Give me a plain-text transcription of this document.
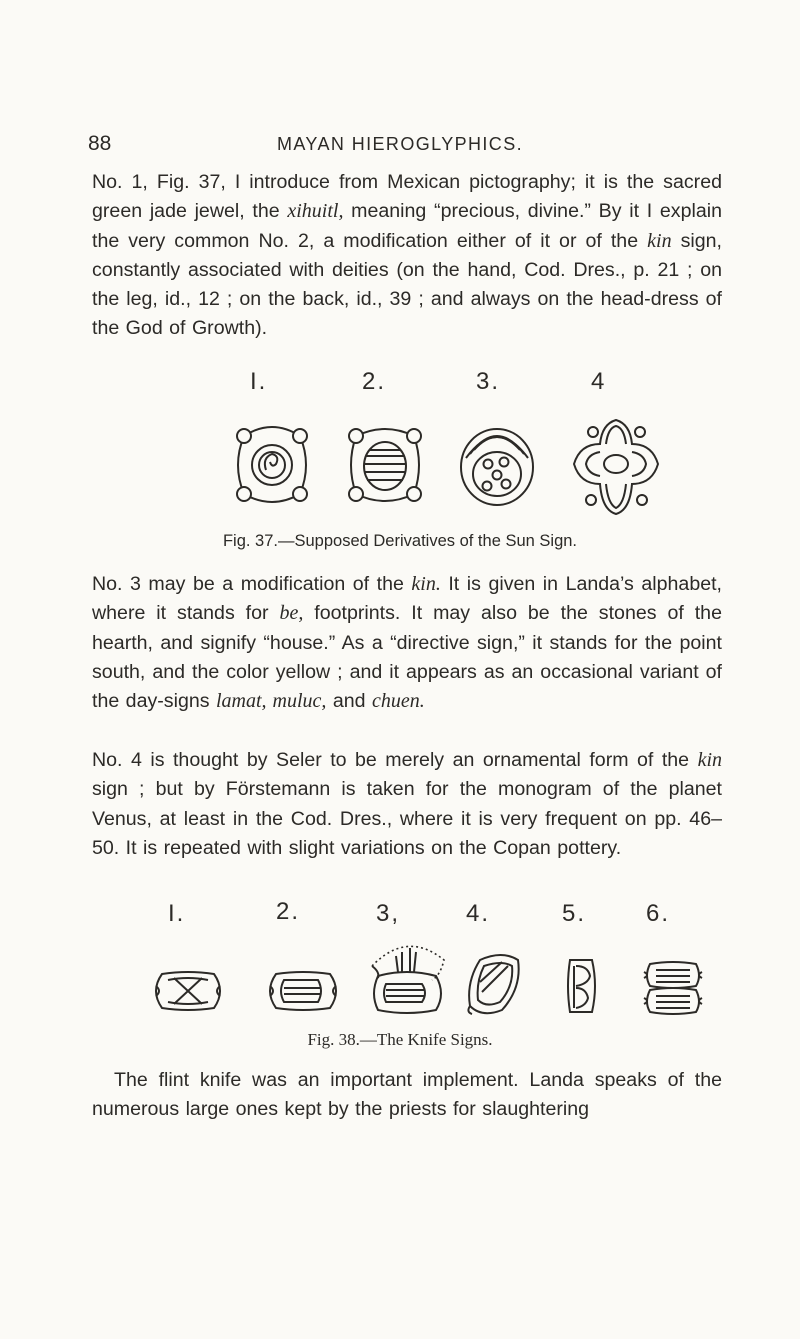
88	MAYAN HIEROGLYPHICS.

No. 1, Fig. 37, I introduce from Mexican pictography; it is the sacred green jade jewel, the xihuitl, meaning “precious, divine.” By it I explain the very common No. 2, a modification either of it or of the kin sign, constantly associated with deities (on the hand, Cod. Dres., p. 21 ; on the leg, id., 12 ; on the back, id., 39 ; and always on the head-dress of the God of Growth).

I.	2.	3.	4
Fig. 37.—Supposed Derivatives of the Sun Sign.

No. 3 may be a modification of the kin. It is given in Landa’s alphabet, where it stands for be, footprints. It may also be the stones of the hearth, and signify “house.” As a “directive sign,” it stands for the point south, and the color yellow ; and it appears as an occasional variant of the day-signs lamat, muluc, and chuen.

No. 4 is thought by Seler to be merely an ornamental form of the kin sign ; but by Förstemann is taken for the monogram of the planet Venus, at least in the Cod. Dres., where it is very frequent on pp. 46–50. It is repeated with slight variations on the Copan pottery.

I.	2.	3,	4.	5. 6.
Fig. 38.—The Knife Signs.

The flint knife was an important implement. Landa speaks of the numerous large ones kept by the priests for slaughtering
